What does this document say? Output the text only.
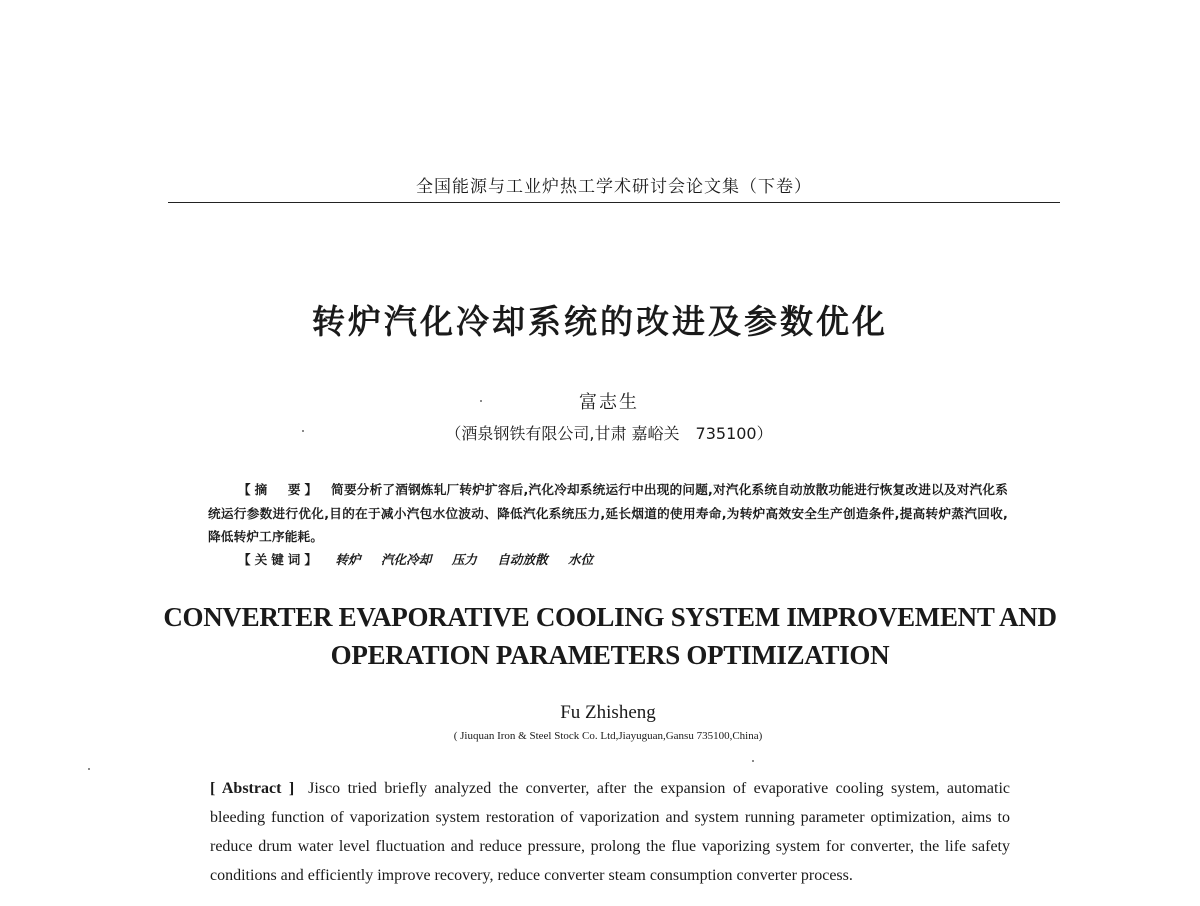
全国能源与工业炉热工学术研讨会论文集（下卷）
转炉汽化冷却系统的改进及参数优化
富志生
（酒泉钢铁有限公司,甘肃 嘉峪关　735100）
【摘　要】 简要分析了酒钢炼轧厂转炉扩容后,汽化冷却系统运行中出现的问题,对汽化系统自动放散功能进行恢复改进以及对汽化系统运行参数进行优化,目的在于减小汽包水位波动、降低汽化系统压力,延长烟道的使用寿命,为转炉高效安全生产创造条件,提高转炉蒸汽回收,降低转炉工序能耗。
【关键词】 转炉 汽化冷却 压力 自动放散 水位
CONVERTER EVAPORATIVE COOLING SYSTEM IMPROVEMENT AND OPERATION PARAMETERS OPTIMIZATION
Fu Zhisheng
( Jiuquan Iron & Steel Stock Co. Ltd,Jiayuguan,Gansu 735100,China)
[ Abstract ] Jisco tried briefly analyzed the converter, after the expansion of evaporative cooling system, automatic bleeding function of vaporization system restoration of vaporization and system running parameter optimization, aims to reduce drum water level fluctuation and reduce pressure, prolong the flue vaporizing system for converter, the life safety conditions and efficiently improve recovery, reduce converter steam consumption converter process.
